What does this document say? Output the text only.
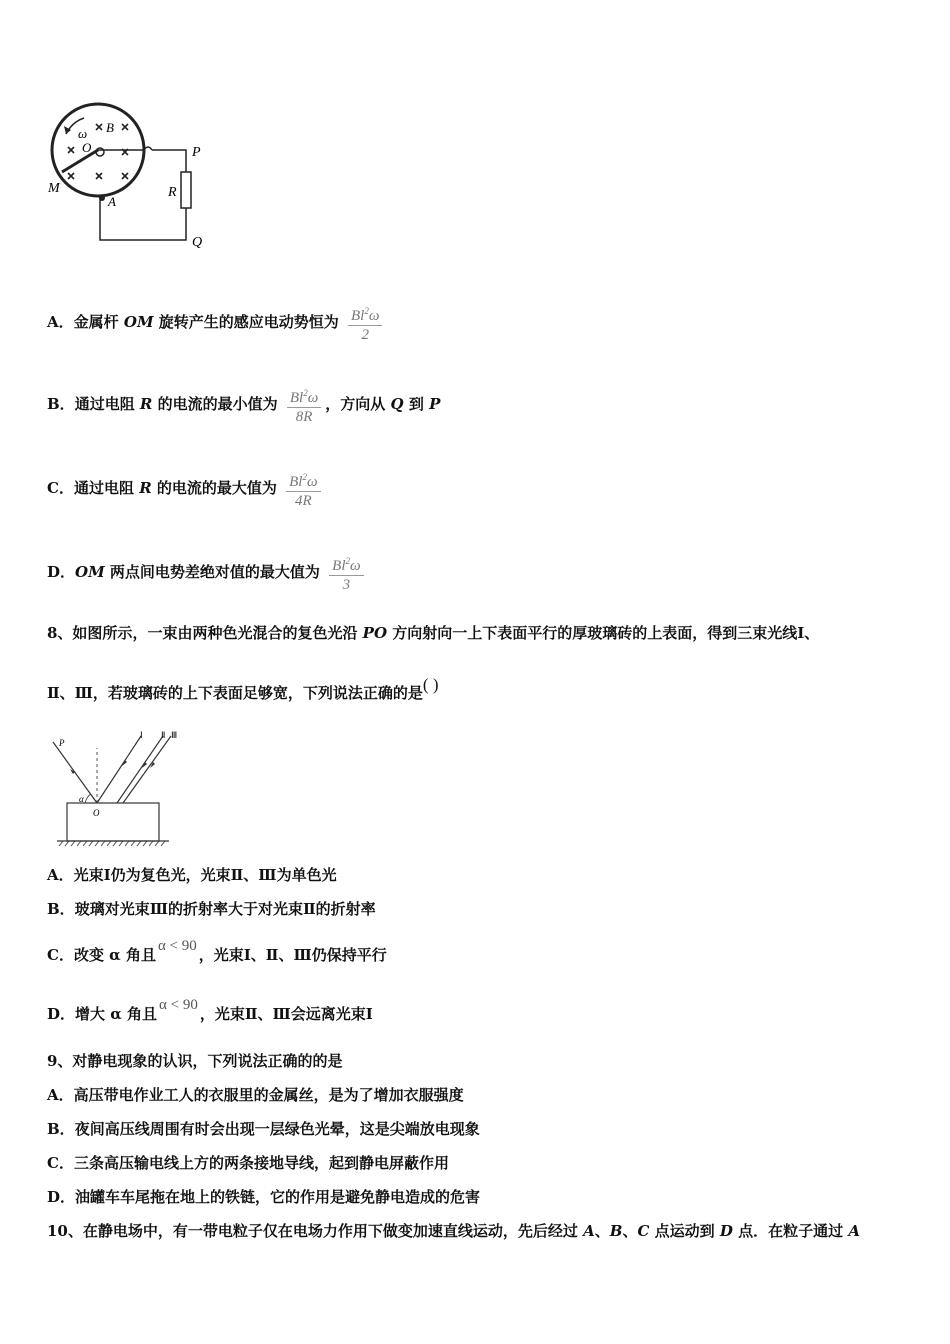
ω B
O	P
R
M
A
Q
A．金属杆 OM 旋转产生的感应电动势恒为 $\frac{Bl^2\omega}{2}$
B．通过电阻 R 的电流的最小值为 $\frac{Bl^2\omega}{8R}$ ，方向从 Q 到 P
C．通过电阻 R 的电流的最大值为 $\frac{Bl^2\omega}{4R}$
D．OM 两点间电势差绝对值的最大值为 $\frac{Bl^2\omega}{3}$
8、如图所示，一束由两种色光混合的复色光沿 PO 方向射向一上下表面平行的厚玻璃砖的上表面，得到三束光线Ⅰ、
Ⅱ、Ⅲ，若玻璃砖的上下表面足够宽，下列说法正确的是( )
P
Ⅰ Ⅱ Ⅲ
α
O
A．光束Ⅰ仍为复色光，光束Ⅱ、Ⅲ为单色光
B．玻璃对光束Ⅲ的折射率大于对光束Ⅱ的折射率
C．改变 α 角且 α < 90 ，光束Ⅰ、Ⅱ、Ⅲ仍保持平行
D．增大 α 角且 α < 90 ，光束Ⅱ、Ⅲ会远离光束Ⅰ
9、对静电现象的认识，下列说法正确的的是
A．高压带电作业工人的衣服里的金属丝，是为了增加衣服强度
B．夜间高压线周围有时会出现一层绿色光晕，这是尖端放电现象
C．三条高压输电线上方的两条接地导线，起到静电屏蔽作用
D．油罐车车尾拖在地上的铁链，它的作用是避免静电造成的危害
10、在静电场中，有一带电粒子仅在电场力作用下做变加速直线运动，先后经过 A、B、C 点运动到 D 点．在粒子通过 A
